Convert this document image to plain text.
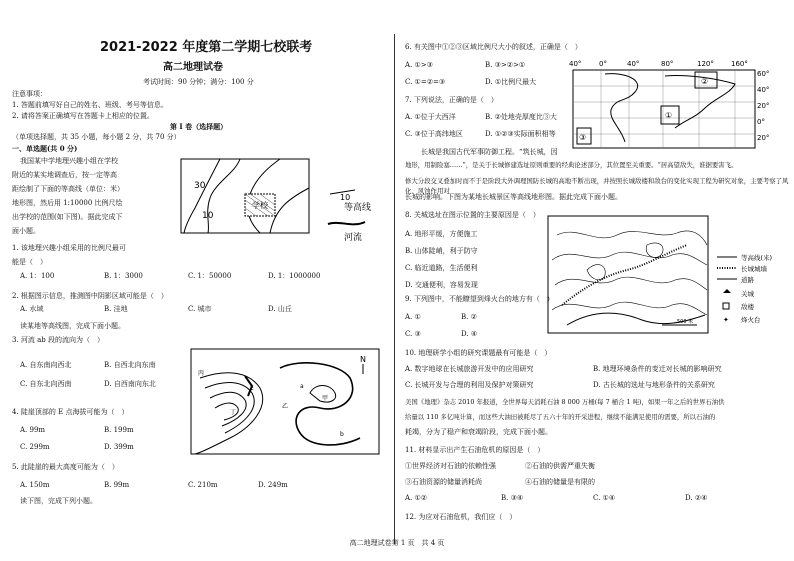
2021-2022 年度第二学期七校联考
高二地理试卷
考试时间：90 分钟；满分：100 分
注意事项：
1. 答题前填写好自己的姓名、班级、考号等信息。
2. 请将答案正确填写在答题卡上相应的位置。
第 I 卷（选择题）
（单项选择题，共 35 小题，每小题 2 分，共 70 分）
一、单选题(共 0 分)
我国某中学地理兴趣小组在学校
附近的某实地调查后，按一定等高
距绘制了下面的等高线（单位：米）
地形图，然后用 1:10000 比例尺绘
出学校的范围(如下图)。据此完成下
面小题。
学校
30
10
10
等高线
河流
1. 该地理兴趣小组采用的比例尺最可
能是（　）
A. 1：100	B. 1：3000	C. 1：50000	D. 1：1000000
2. 根据图示信息，推测图中阴影区域可能是（　）
A. 水域	B. 洼地	C. 城市	D. 山丘
读某地等高线图，完成下面小题。
3. 河流 ab 段的流向为（　）
A. 自东南向西北	B. 自西北向东南
C. 自东北向西南	D. 自西南向东北
N
丙
乙
甲
E	a
b
丁
4. 陡崖顶部的 E 点海拔可能为（　）
A. 99m	B. 199m
C. 299m	D. 399m
5. 此陡崖的最大高度可能为（　）
A. 150m	B. 99m	C. 210m	D. 249m
读下图，完成下列小题。
6. 有关图中①②③区域比例尺大小的叙述，正确是（　）
A. ①>③	B. ③>②>①
C. ①=②=③	D. ①比例尺最大
7. 下列说法，正确的是（　）
A. ①位于大西洋	B. ②处地壳厚度比③大
C. ③位于高纬地区	D. ①②③实际面积相等
40°	0°	40°	80°	120° 160°
③
②
①
60°
40°
20°
0°
20°
长城是我国古代军事防御工程。“筑长城，因
地形，用制险塞……”，是关于长城修建选址原则重要的经典论述部分，其位置至关重要。“居高望敌失，谁据要害飞。
修大分段交叉叠加时而不于是阶段大外调理国防长城的高地不断出现，并按照长城敌楼和敌台的变化实现工程为研究对象，主要考察了风化、风蚀作用对
长城的影响。下图为某地长城景区等高线地形图。据此完成下面小题。
500 米
等高线(米)
长城城墙
道路
关城
敌楼
✦ 烽火台
8. 关城选址在图示位置的主要原因是（　）
A. 地形平缓，方便施工
B. 山体陡峭，利于防守
C. 临近道路，生活便利
D. 交通便利，容易发现
9. 下列图中，不能瞭望到烽火台的地方有（　）
A. ①	B. ②
C. ③	D. ④
10. 地理研学小组的研究课题最有可能是（　）
A. 数字地球在长城旅游开发中的应用研究	B. 地理环境条件的变迁对长城的影响研究
C. 长城开发与合理的利用及保护对策研究	D. 古长城的选址与地形条件的关系研究
美国《地理》杂志 2010 年报道，全世界每天消耗石油 8 000 万桶(每 7 桶合 1 吨)，如果一年之后的世界石油供
给量以 110 多亿吨计算，而这些大油田被耗尽了五六十年的开采进程，继续不能满足使用的需要，所以石油的
耗竭，分为了稳产和衰竭阶段，完成下面小题。
11. 材料显示出产生石油危机的原因是（　）
①世界经济对石油的依赖性强	②石油的供需严重失衡
③石油资源的储量消耗尚	④石油的储量是有限的
A. ①②	B. ③④	C. ①④	D. ②④
12. 为应对石油危机，我们应（　）
高二地理试卷第 1 页　共 4 页
